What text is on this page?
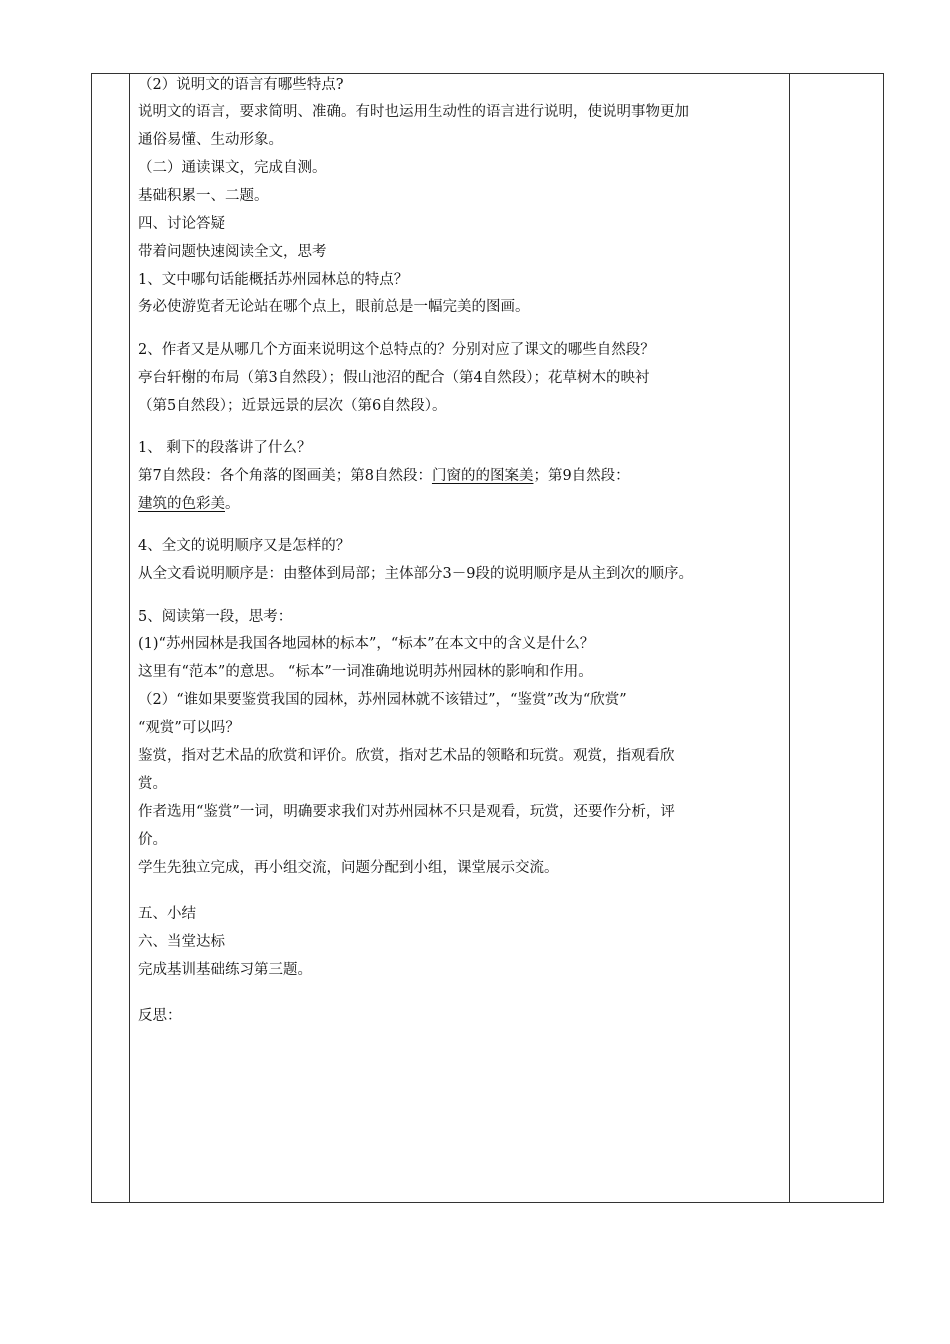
（2）说明文的语言有哪些特点?
说明文的语言，要求简明、准确。有时也运用生动性的语言进行说明，使说明事物更加
通俗易懂、生动形象。
（二）通读课文，完成自测。
基础积累一、二题。
四、讨论答疑
带着问题快速阅读全文，思考
1、文中哪句话能概括苏州园林总的特点？
务必使游览者无论站在哪个点上，眼前总是一幅完美的图画。
2、作者又是从哪几个方面来说明这个总特点的？分别对应了课文的哪些自然段？
亭台轩榭的布局（第3自然段）；假山池沼的配合（第4自然段）；花草树木的映衬
（第5自然段）；近景远景的层次（第6自然段）。
1、 剩下的段落讲了什么？
第7自然段：各个角落的图画美；第8自然段：门窗的的图案美；第9自然段：
建筑的色彩美。
4、全文的说明顺序又是怎样的？
从全文看说明顺序是：由整体到局部；主体部分3－9段的说明顺序是从主到次的顺序。
5、阅读第一段，思考：
(1)“苏州园林是我国各地园林的标本”，“标本”在本文中的含义是什么？
这里有“范本”的意思。 “标本”一词准确地说明苏州园林的影响和作用。
（2）“谁如果要鉴赏我国的园林，苏州园林就不该错过”，“鉴赏”改为“欣赏”
“观赏”可以吗？
鉴赏，指对艺术品的欣赏和评价。欣赏，指对艺术品的领略和玩赏。观赏，指观看欣
赏。
作者选用“鉴赏”一词，明确要求我们对苏州园林不只是观看，玩赏，还要作分析，评
价。
学生先独立完成，再小组交流，问题分配到小组，课堂展示交流。
五、小结
六、当堂达标
完成基训基础练习第三题。
反思：
